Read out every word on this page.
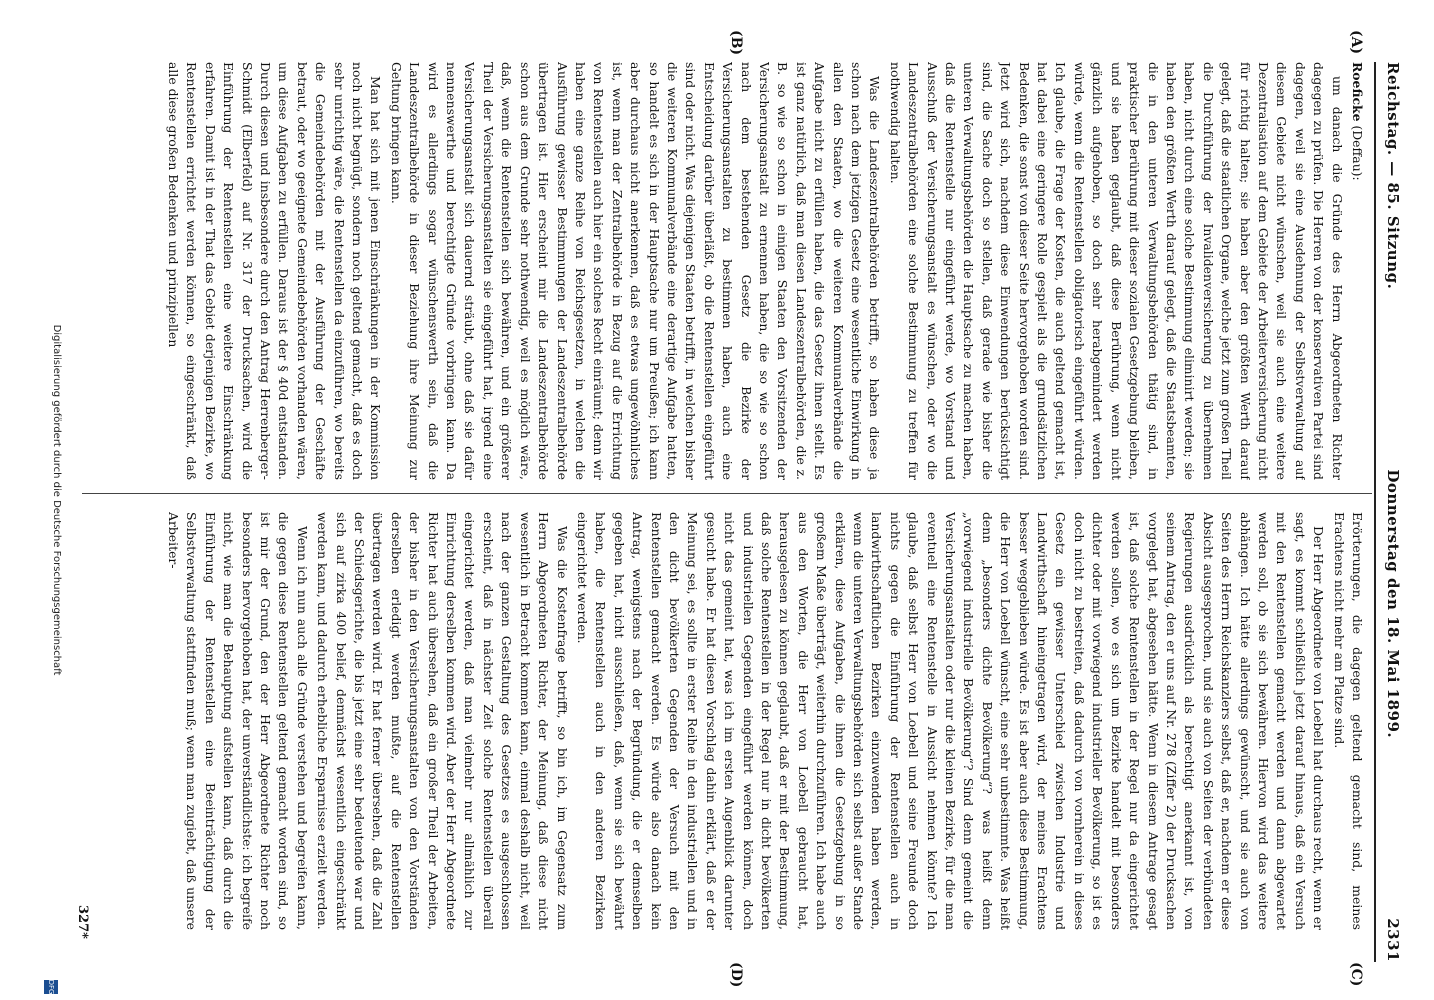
Reichstag. — 85. Sitzung.
Donnerstag den 18. Mai 1899.
2331
(A)
(B)
(C)
(D)

Roeficke (Deffau):

um danach die Gründe des Herrn Abgeordneten Richter dagegen zu prüfen. Die Herren von der konservativen Partei sind dagegen, weil sie eine Ausdehnung der Selbstverwaltung auf diesem Gebiete nicht wünschen, weil sie auch eine weitere Dezentralisation auf dem Gebiete der Arbeiterversicherung nicht für richtig halten; sie haben aber den größten Werth darauf gelegt, daß die staatlichen Organe, welche jetzt zum großen Theil die Durchführung der Invalidenversicherung zu übernehmen haben, nicht durch eine solche Bestimmung eliminirt werden; sie haben den größten Werth darauf gelegt, daß die Staatsbeamten, die in den unteren Verwaltungsbehörden thätig sind, in praktischer Berührung mit dieser sozialen Gesetzgebung bleiben, und sie haben geglaubt, daß diese Berührung, wenn nicht gänzlich aufgehoben, so doch sehr herabgemindert werden würde, wenn die Rentenstellen obligatorisch eingeführt würden. Ich glaube, die Frage der Kosten, die auch geltend gemacht ist, hat dabei eine geringere Rolle gespielt als die grundsätzlichen Bedenken, die sonst von dieser Seite hervorgehoben worden sind. Jetzt wird sich, nachdem diese Einwendungen berücksichtigt sind, die Sache doch so stellen, daß gerade wie bisher die unteren Verwaltungsbehörden die Hauptsache zu machen haben, daß die Rentenstelle nur eingeführt werde, wo Vorstand und Ausschuß der Versicherungsanstalt es wünschen, oder wo die Landeszentralbehörden eine solche Bestimmung zu treffen für nothwendig halten.

Was die Landeszentralbehörden betrifft, so haben diese ja schon nach dem jetzigen Gesetz eine wesentliche Einwirkung in allen den Staaten, wo die weiteren Kommunalverbände die Aufgabe nicht zu erfüllen haben, die das Gesetz ihnen stellt. Es ist ganz natürlich, daß man diesen Landeszentralbehörden, die z. B. so wie so schon in einigen Staaten den Vorsitzenden der Versicherungsanstalt zu ernennen haben, die so wie so schon nach dem bestehenden Gesetz die Bezirke der Versicherungsanstalten zu bestimmen haben, auch eine Entscheidung darüber überläßt, ob die Rentenstellen eingeführt sind oder nicht. Was diejenigen Staaten betrifft, in welchen bisher die weiteren Kommunalverbände eine derartige Aufgabe hatten, so handelt es sich in der Hauptsache nur um Preußen; ich kann aber durchaus nicht anerkennen, daß es etwas ungewöhnliches ist, wenn man der Zentralbehörde in Bezug auf die Errichtung von Rentenstellen auch hier ein solches Recht einräumt; denn wir haben eine ganze Reihe von Reichsgesetzen, in welchen die Ausführung gewisser Bestimmungen der Landeszentralbehörde übertragen ist. Hier erscheint mir die Landeszentralbehörde schon aus dem Grunde sehr nothwendig, weil es möglich wäre, daß, wenn die Rentenstellen sich bewähren, und ein größerer Theil der Versicherungsanstalten sie eingeführt hat, irgend eine Versicherungsanstalt sich dauernd sträubt, ohne daß sie dafür nennenswerthe und berechtigte Gründe vorbringen kann. Da wird es allerdings sogar wünschenswerth sein, daß die Landeszentralbehörde in dieser Beziehung ihre Meinung zur Geltung bringen kann.

Man hat sich mit jenen Einschränkungen in der Kommission noch nicht begnügt, sondern noch geltend gemacht, daß es doch sehr unrichtig wäre, die Rentenstellen da einzuführen, wo bereits die Gemeindebehörden mit der Ausführung der Geschäfte betraut, oder wo geeignete Gemeindebehörden vorhanden wären, um diese Aufgaben zu erfüllen. Daraus ist der § 40d entstanden. Durch diesen und insbesondere durch den Antrag Herrenberger-Schmidt (Elberfeld) auf Nr. 317 der Drucksachen, wird die Einführung der Rentenstellen eine weitere Einschränkung erfahren. Damit ist in der That das Gebiet derjenigen Bezirke, wo Rentenstellen errichtet werden können, so eingeschränkt, daß alle diese großen Bedenken und prinzipiellen

Erörterungen, die dagegen geltend gemacht sind, meines Erachtens nicht mehr am Platze sind.

Der Herr Abgeordnete von Loebell hat durchaus recht, wenn er sagt, es kommt schließlich jetzt darauf hinaus, daß ein Versuch mit den Rentenstellen gemacht werden und dann abgewartet werden soll, ob sie sich bewähren. Hiervon wird das weitere abhängen. Ich hätte allerdings gewünscht, und sie auch von Seiten des Herrn Reichskanzlers selbst, daß er, nachdem er diese Absicht ausgesprochen, und sie auch von Seiten der verbündeten Regierungen ausdrücklich als berechtigt anerkannt ist, von seinem Antrag, den er uns auf Nr. 278 (Ziffer 2) der Drucksachen vorgelegt hat, abgesehen hätte. Wenn in diesem Antrage gesagt ist, daß solche Rentenstellen in der Regel nur da eingerichtet werden sollen, wo es sich um Bezirke handelt mit besonders dichter oder mit vorwiegend industrieller Bevölkerung, so ist es doch nicht zu bestreiten, daß dadurch von vornherein in dieses Gesetz ein gewisser Unterschied zwischen Industrie und Landwirthschaft hineingetragen wird, der meines Erachtens besser weggeblieben würde. Es ist aber auch diese Bestimmung, die Herr von Loebell wünscht, eine sehr unbestimmte. Was heißt denn „besonders dichte Bevölkerung“? was heißt denn „vorwiegend industrielle Bevölkerung“? Sind denn gemeint die Versicherungsanstalten oder nur die kleinen Bezirke, für die man eventuell eine Rentenstelle in Aussicht nehmen könnte? Ich glaube, daß selbst Herr von Loebell und seine Freunde doch nichts gegen die Einführung der Rentenstellen auch in landwirthschaftlichen Bezirken einzuwenden haben werden, wenn die unteren Verwaltungsbehörden sich selbst außer Stande erklären, diese Aufgaben, die ihnen die Gesetzgebung in so großem Maße überträgt, weiterhin durchzuführen. Ich habe auch aus den Worten, die Herr von Loebell gebraucht hat, herausgelesen zu können geglaubt, daß er mit der Bestimmung, daß solche Rentenstellen in der Regel nur in dicht bevölkerten und industriellen Gegenden eingeführt werden können, doch nicht das gemeint hat, was ich im ersten Augenblick darunter gesucht habe. Er hat diesen Vorschlag dahin erklärt, daß er der Meinung sei, es sollte in erster Reihe in den industriellen und in den dicht bevölkerten Gegenden der Versuch mit den Rentenstellen gemacht werden. Es würde also danach kein Antrag, wenigstens nach der Begründung, die er demselben gegeben hat, nicht ausschließen, daß, wenn sie sich bewährt haben, die Rentenstellen auch in den anderen Bezirken eingerichtet werden.

Was die Kostenfrage betrifft, so bin ich, im Gegensatz zum Herrn Abgeordneten Richter, der Meinung, daß diese nicht wesentlich in Betracht kommen kann, einmal deshalb nicht, weil nach der ganzen Gestaltung des Gesetzes es ausgeschlossen erscheint, daß in nächster Zeit solche Rentenstellen überall eingerichtet werden, daß man vielmehr nur allmählich zur Einrichtung derselben kommen wird. Aber der Herr Abgeordnete Richter hat auch übersehen, daß ein großer Theil der Arbeiten, der bisher in den Versicherungsanstalten von den Vorständen derselben erledigt werden mußte, auf die Rentenstellen übertragen werden wird. Er hat ferner übersehen, daß die Zahl der Schiedsgerichte, die bis jetzt eine sehr bedeutende war und sich auf zirka 400 belief, demnächst wesentlich eingeschränkt werden kann, und dadurch erhebliche Ersparnisse erzielt werden.

Wenn ich nun auch alle Gründe verstehen und begreifen kann, die gegen diese Rentenstellen geltend gemacht worden sind, so ist mir der Grund, den der Herr Abgeordnete Richter noch besonders hervorgehoben hat, der unverständlichste: ich begreife nicht, wie man die Behauptung aufstellen kann, daß durch die Einführung der Rentenstellen eine Beeinträchtigung der Selbstverwaltung stattfinden muß; wenn man zugiebt, daß unsere Arbeiter-

327*
Digitalisierung gefördert durch die Deutsche Forschungsgemeinschaft
DFG
